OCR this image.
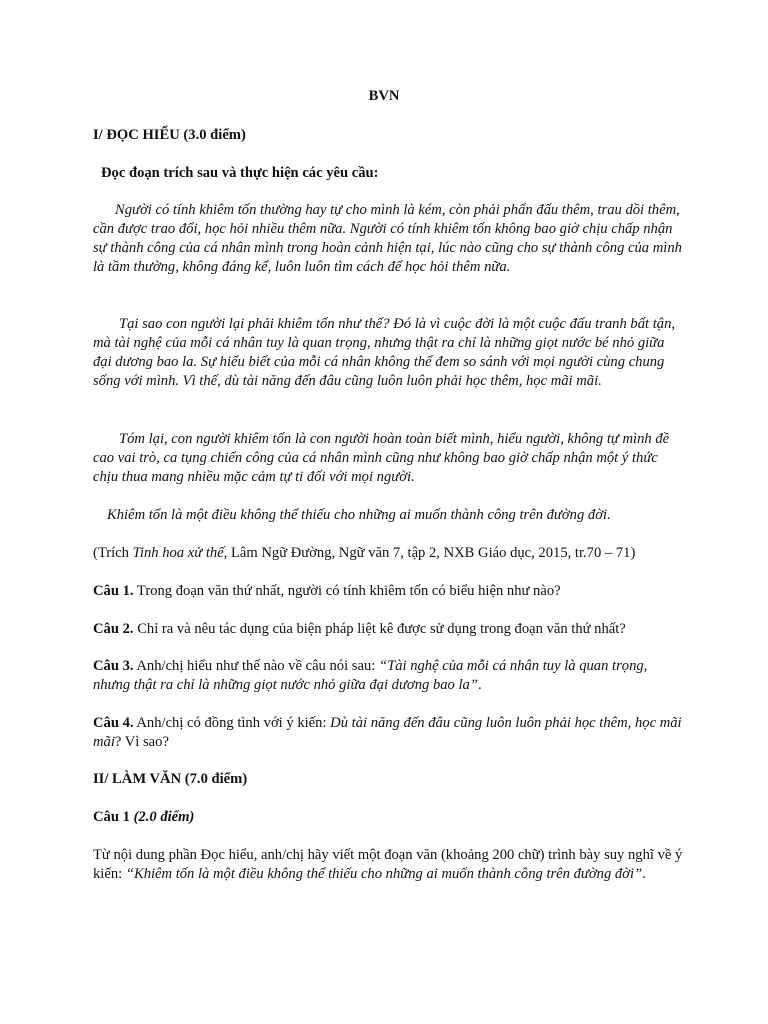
BVN
I/ ĐỌC HIỂU (3.0 điểm)
Đọc đoạn trích sau và thực hiện các yêu cầu:
Người có tính khiêm tốn thường hay tự cho mình là kém, còn phải phấn đấu thêm, trau dồi thêm, cần được trao đổi, học hỏi nhiều thêm nữa. Người có tính khiêm tốn không bao giờ chịu chấp nhận sự thành công của cá nhân mình trong hoàn cảnh hiện tại, lúc nào cũng cho sự thành công của mình là tầm thường, không đáng kể, luôn luôn tìm cách để học hỏi thêm nữa.
Tại sao con người lại phải khiêm tốn như thế? Đó là vì cuộc đời là một cuộc đấu tranh bất tận, mà tài nghệ của mỗi cá nhân tuy là quan trọng, nhưng thật ra chỉ là những giọt nước bé nhỏ giữa đại dương bao la. Sự hiểu biết của mỗi cá nhân không thể đem so sánh với mọi người cùng chung sống với mình. Vì thế, dù tài năng đến đâu cũng luôn luôn phải học thêm, học mãi mãi.
Tóm lại, con người khiêm tốn là con người hoàn toàn biết mình, hiểu người, không tự mình đề cao vai trò, ca tụng chiến công của cá nhân mình cũng như không bao giờ chấp nhận một ý thức chịu thua mang nhiều mặc cảm tự ti đối với mọi người.
Khiêm tốn là một điều không thể thiếu cho những ai muốn thành công trên đường đời.
(Trích Tinh hoa xử thế, Lâm Ngữ Đường, Ngữ văn 7, tập 2, NXB Giáo dục, 2015, tr.70 – 71)
Câu 1. Trong đoạn văn thứ nhất, người có tính khiêm tốn có biểu hiện như nào?
Câu 2. Chỉ ra và nêu tác dụng của biện pháp liệt kê được sử dụng trong đoạn văn thứ nhất?
Câu 3. Anh/chị hiểu như thế nào về câu nói sau: “Tài nghệ của mỗi cá nhân tuy là quan trọng, nhưng thật ra chỉ là những giọt nước nhỏ giữa đại dương bao la”.
Câu 4. Anh/chị có đồng tình với ý kiến: Dù tài năng đến đâu cũng luôn luôn phải học thêm, học mãi mãi? Vì sao?
II/ LÀM VĂN (7.0 điểm)
Câu 1 (2.0 điểm)
Từ nội dung phần Đọc hiểu, anh/chị hãy viết một đoạn văn (khoảng 200 chữ) trình bày suy nghĩ về ý kiến: “Khiêm tốn là một điều không thể thiếu cho những ai muốn thành công trên đường đời”.
